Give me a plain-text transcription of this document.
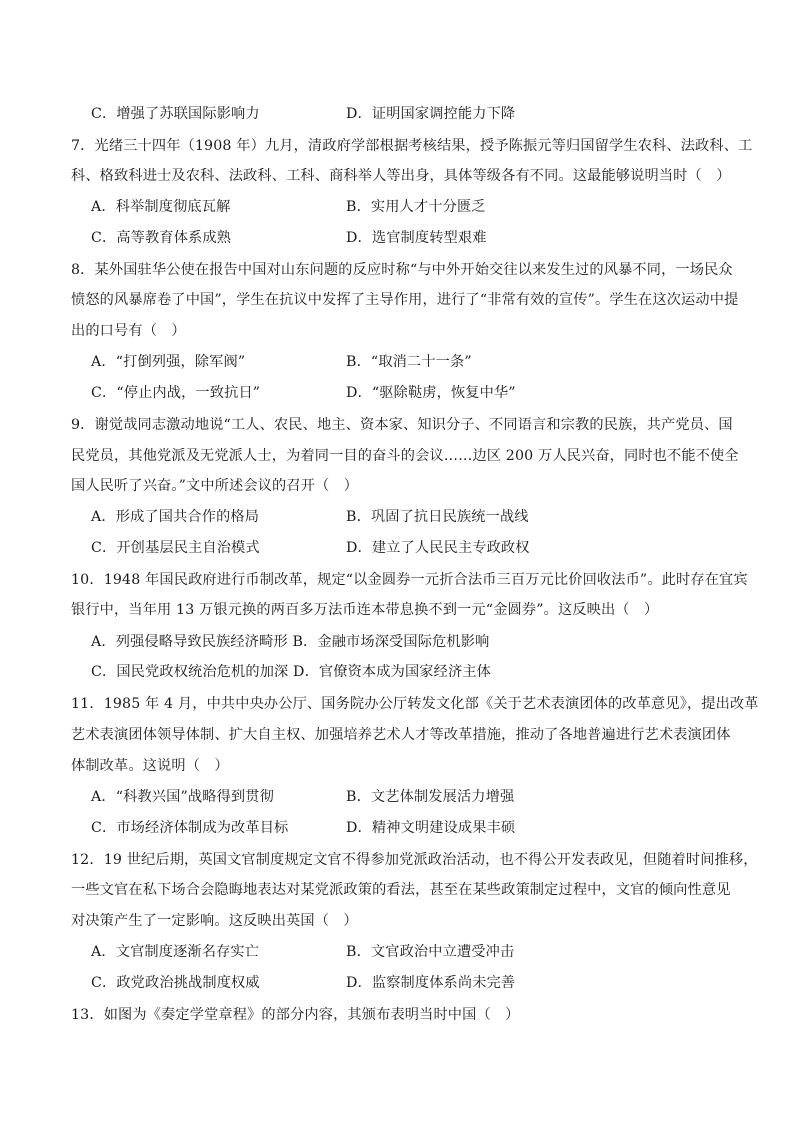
C．增强了苏联国际影响力	D．证明国家调控能力下降
7．光绪三十四年（1908 年）九月，清政府学部根据考核结果，授予陈振元等归国留学生农科、法政科、工
科、格致科进士及农科、法政科、工科、商科举人等出身，具体等级各有不同。这最能够说明当时（　）
A．科举制度彻底瓦解	B．实用人才十分匮乏
C．高等教育体系成熟	D．选官制度转型艰难
8．某外国驻华公使在报告中国对山东问题的反应时称“与中外开始交往以来发生过的风暴不同，一场民众
愤怒的风暴席卷了中国”，学生在抗议中发挥了主导作用，进行了“非常有效的宣传”。学生在这次运动中提
出的口号有（　）
A．“打倒列强，除军阀”	B．“取消二十一条”
C．“停止内战，一致抗日”	D．“驱除鞑虏，恢复中华”
9．谢觉哉同志激动地说“工人、农民、地主、资本家、知识分子、不同语言和宗教的民族，共产党员、国
民党员，其他党派及无党派人士，为着同一目的奋斗的会议……边区 200 万人民兴奋，同时也不能不使全
国人民听了兴奋。”文中所述会议的召开（　）
A．形成了国共合作的格局	B．巩固了抗日民族统一战线
C．开创基层民主自治模式	D．建立了人民民主专政政权
10．1948 年国民政府进行币制改革，规定“以金圆券一元折合法币三百万元比价回收法币”。此时存在宜宾
银行中，当年用 13 万银元换的两百多万法币连本带息换不到一元“金圆券”。这反映出（　）
A．列强侵略导致民族经济畸形 B．金融市场深受国际危机影响
C．国民党政权统治危机的加深 D．官僚资本成为国家经济主体
11．1985 年 4 月，中共中央办公厅、国务院办公厅转发文化部《关于艺术表演团体的改革意见》，提出改革
艺术表演团体领导体制、扩大自主权、加强培养艺术人才等改革措施，推动了各地普遍进行艺术表演团体
体制改革。这说明（　）
A．“科教兴国”战略得到贯彻	B．文艺体制发展活力增强
C．市场经济体制成为改革目标	D．精神文明建设成果丰硕
12．19 世纪后期，英国文官制度规定文官不得参加党派政治活动，也不得公开发表政见，但随着时间推移，
一些文官在私下场合会隐晦地表达对某党派政策的看法，甚至在某些政策制定过程中，文官的倾向性意见
对决策产生了一定影响。这反映出英国（　）
A．文官制度逐渐名存实亡	B．文官政治中立遭受冲击
C．政党政治挑战制度权威	D．监察制度体系尚未完善
13．如图为《奏定学堂章程》的部分内容，其颁布表明当时中国（　）
